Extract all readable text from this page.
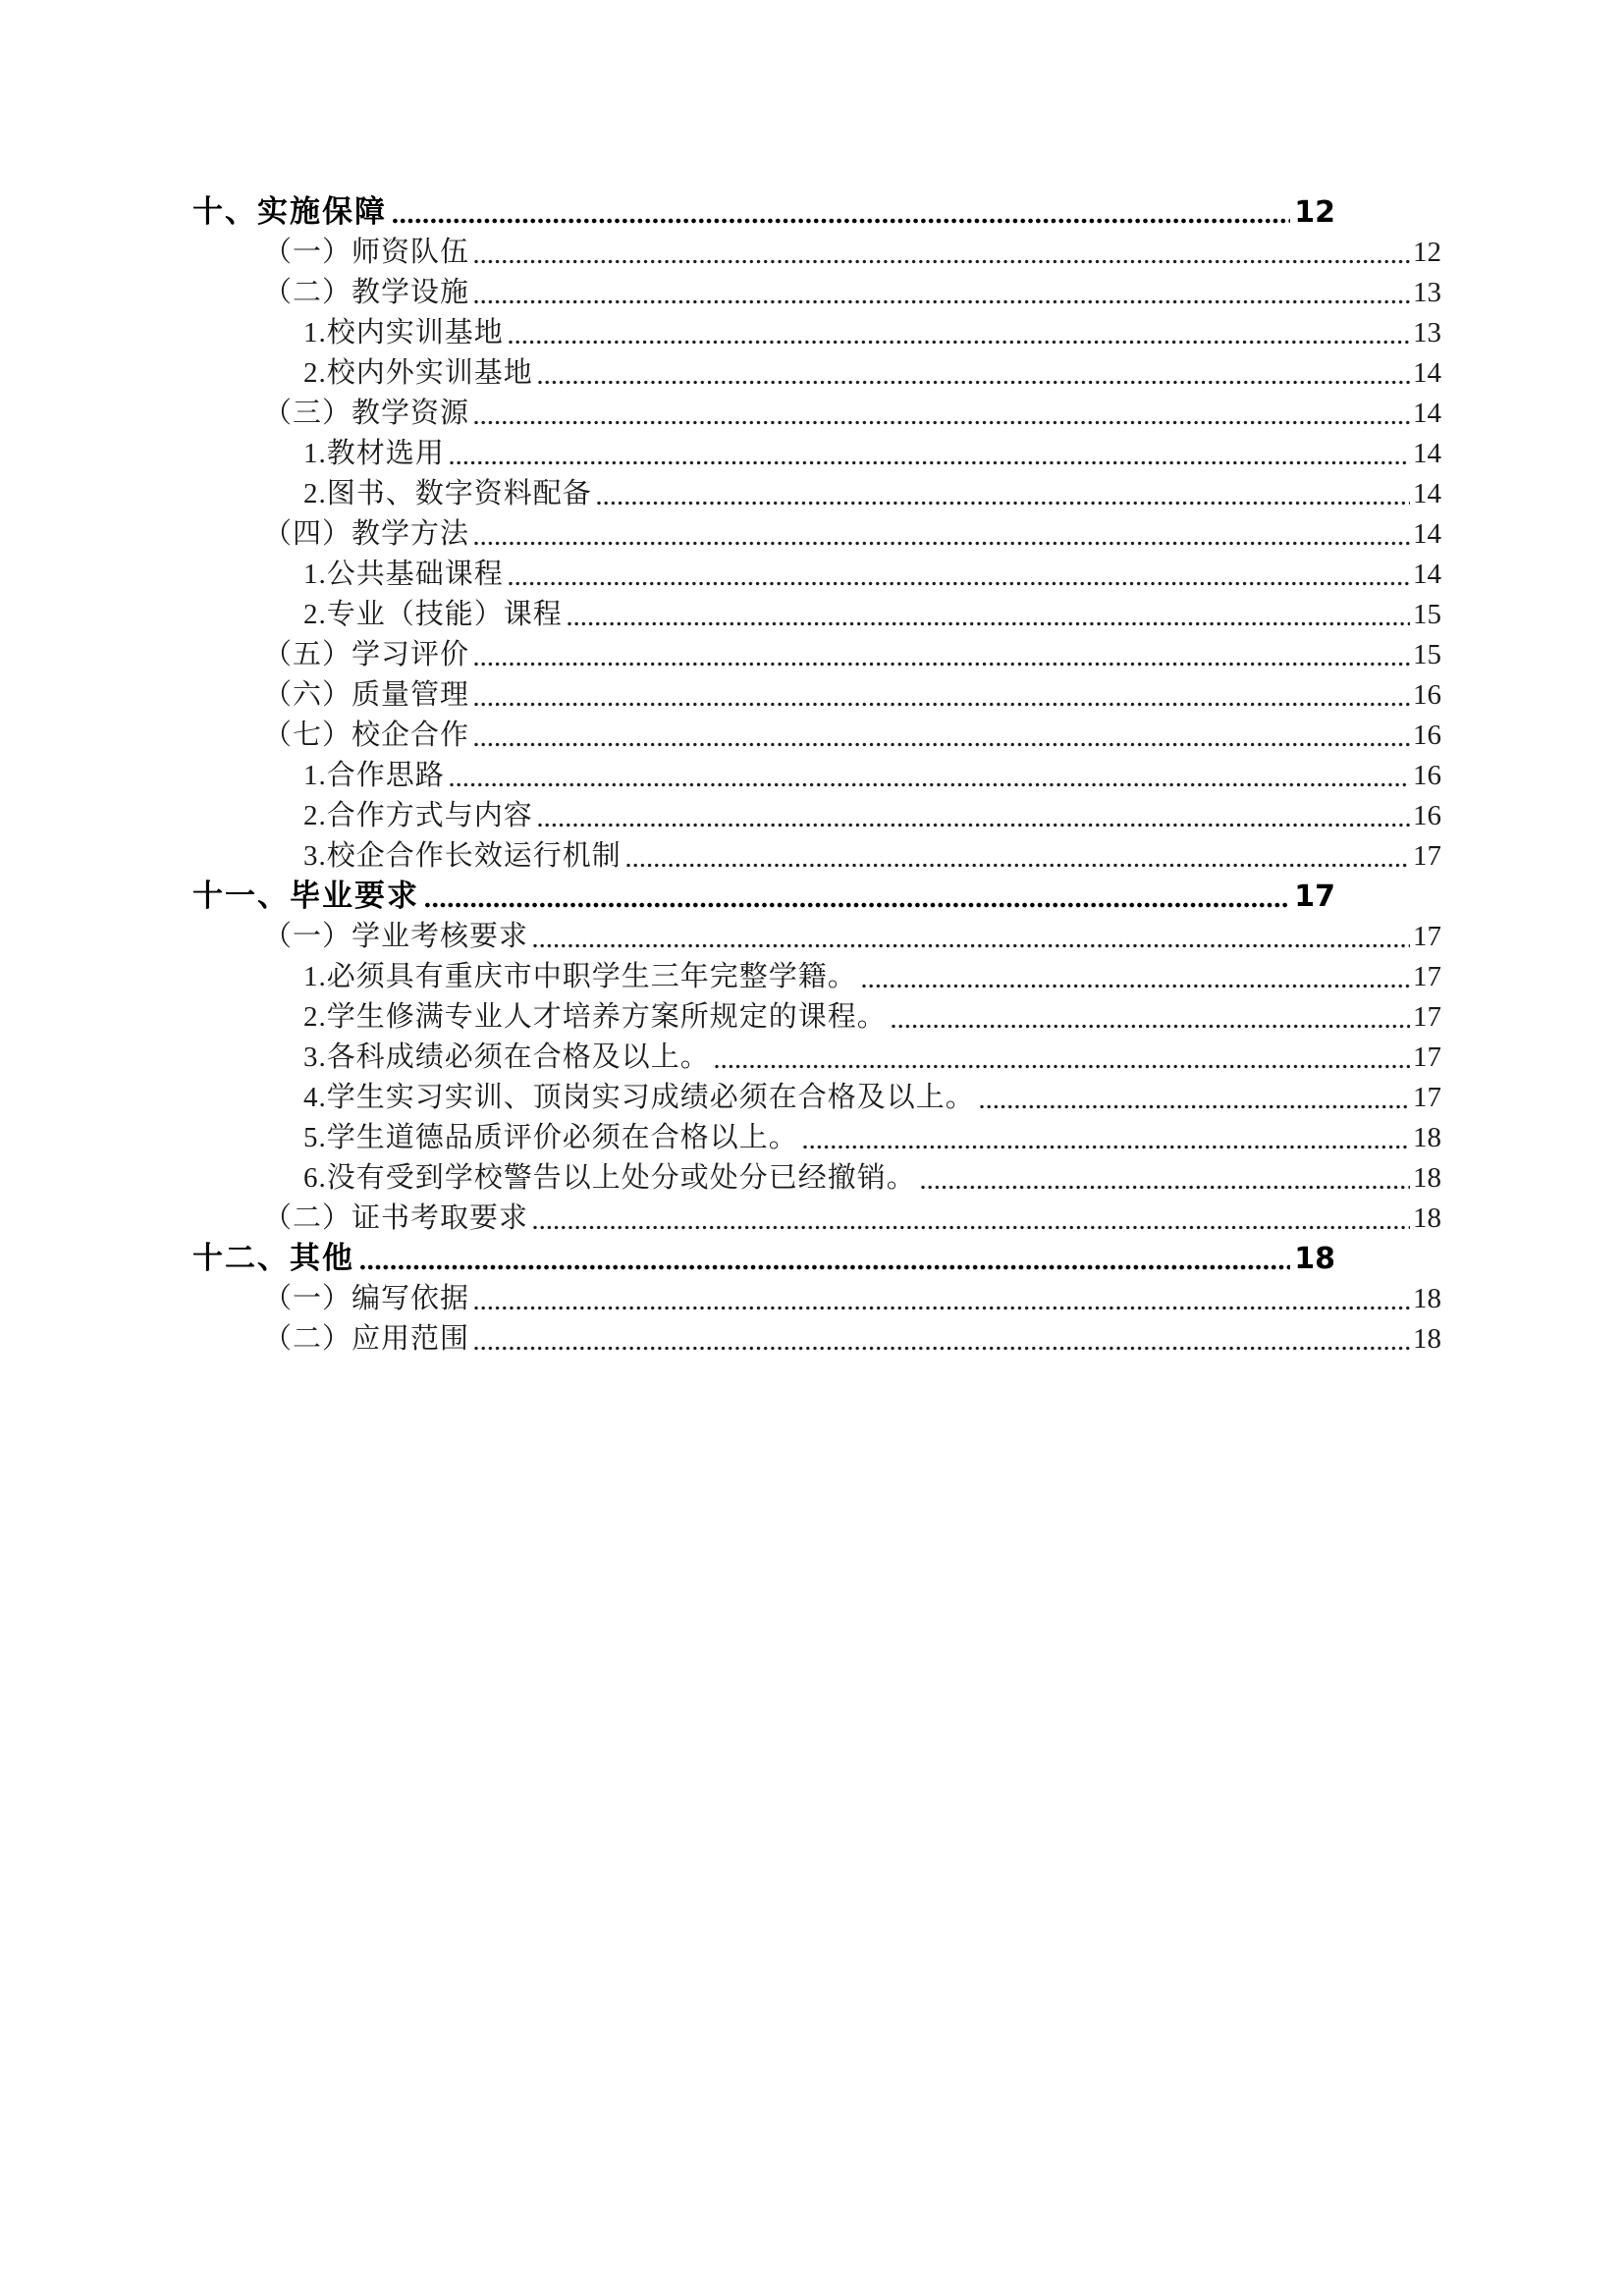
十、实施保障	12
（一）师资队伍	12
（二）教学设施	13
1.校内实训基地	13
2.校内外实训基地	14
（三）教学资源	14
1.教材选用	14
2.图书、数字资料配备	14
（四）教学方法	14
1.公共基础课程	14
2.专业（技能）课程	15
（五）学习评价	15
（六）质量管理	16
（七）校企合作	16
1.合作思路	16
2.合作方式与内容	16
3.校企合作长效运行机制	17
十一、毕业要求	17
（一）学业考核要求	17
1.必须具有重庆市中职学生三年完整学籍。	17
2.学生修满专业人才培养方案所规定的课程。	17
3.各科成绩必须在合格及以上。	17
4.学生实习实训、顶岗实习成绩必须在合格及以上。	17
5.学生道德品质评价必须在合格以上。	18
6.没有受到学校警告以上处分或处分已经撤销。	18
（二）证书考取要求	18
十二、其他	18
（一）编写依据	18
（二）应用范围	18
